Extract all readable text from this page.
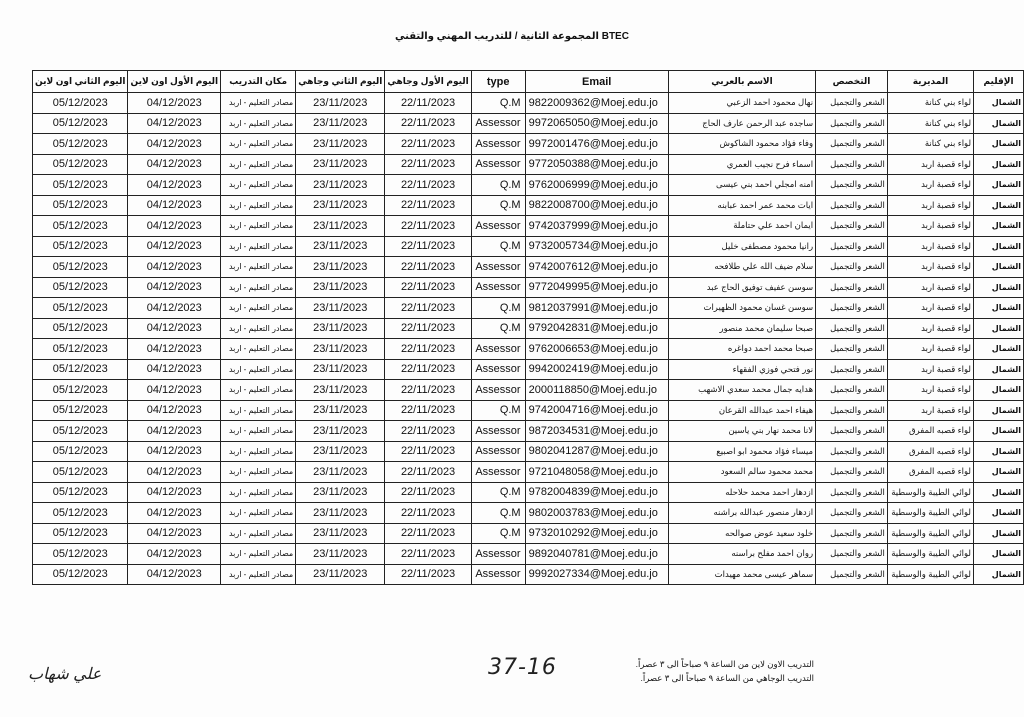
المجموعة الثانية / للتدريب المهني والتقني BTEC
الإقليم	المديرية	التخصص	الاسم بالعربي	Email	type	اليوم الأول وجاهي	اليوم الثاني وجاهي	مكان التدريب	اليوم الأول اون لاين	اليوم الثاني اون لاين
الشمال	لواء بني كنانة	الشعر والتجميل	نهال محمود احمد الزعبي	9822009362@Moej.edu.jo	Q.M	22/11/2023	23/11/2023	مصادر التعليم - اربد	04/12/2023	05/12/2023
الشمال	لواء بني كنانة	الشعر والتجميل	ساجده عبد الرحمن عارف الحاج	9972065050@Moej.edu.jo	Assessor	22/11/2023	23/11/2023	مصادر التعليم - اربد	04/12/2023	05/12/2023
الشمال	لواء بني كنانة	الشعر والتجميل	وفاء فؤاد محمود الشاكوش	9972001476@Moej.edu.jo	Assessor	22/11/2023	23/11/2023	مصادر التعليم - اربد	04/12/2023	05/12/2023
الشمال	لواء قصبة اربد	الشعر والتجميل	اسماء فرح نجيب العمري	9772050388@Moej.edu.jo	Assessor	22/11/2023	23/11/2023	مصادر التعليم - اربد	04/12/2023	05/12/2023
الشمال	لواء قصبة اربد	الشعر والتجميل	امنه امجلي احمد بني عيسى	9762006999@Moej.edu.jo	Q.M	22/11/2023	23/11/2023	مصادر التعليم - اربد	04/12/2023	05/12/2023
الشمال	لواء قصبة اربد	الشعر والتجميل	ايات محمد عمر احمد عبابنه	9822008700@Moej.edu.jo	Q.M	22/11/2023	23/11/2023	مصادر التعليم - اربد	04/12/2023	05/12/2023
الشمال	لواء قصبة اربد	الشعر والتجميل	ايمان احمد علي حتاملة	9742037999@Moej.edu.jo	Assessor	22/11/2023	23/11/2023	مصادر التعليم - اربد	04/12/2023	05/12/2023
الشمال	لواء قصبة اربد	الشعر والتجميل	رانيا محمود مصطفى خليل	9732005734@Moej.edu.jo	Q.M	22/11/2023	23/11/2023	مصادر التعليم - اربد	04/12/2023	05/12/2023
الشمال	لواء قصبة اربد	الشعر والتجميل	سلام ضيف الله علي طلافحه	9742007612@Moej.edu.jo	Assessor	22/11/2023	23/11/2023	مصادر التعليم - اربد	04/12/2023	05/12/2023
الشمال	لواء قصبة اربد	الشعر والتجميل	سوسن عفيف توفيق الحاج عبد	9772049995@Moej.edu.jo	Assessor	22/11/2023	23/11/2023	مصادر التعليم - اربد	04/12/2023	05/12/2023
الشمال	لواء قصبة اربد	الشعر والتجميل	سوسن غسان محمود الظهيرات	9812037991@Moej.edu.jo	Q.M	22/11/2023	23/11/2023	مصادر التعليم - اربد	04/12/2023	05/12/2023
الشمال	لواء قصبة اربد	الشعر والتجميل	صبحا سليمان محمد منصور	9792042831@Moej.edu.jo	Q.M	22/11/2023	23/11/2023	مصادر التعليم - اربد	04/12/2023	05/12/2023
الشمال	لواء قصبة اربد	الشعر والتجميل	صبحا محمد احمد دواغره	9762006653@Moej.edu.jo	Assessor	22/11/2023	23/11/2023	مصادر التعليم - اربد	04/12/2023	05/12/2023
الشمال	لواء قصبة اربد	الشعر والتجميل	نور فتحي فوزي الفقهاء	9942002419@Moej.edu.jo	Assessor	22/11/2023	23/11/2023	مصادر التعليم - اربد	04/12/2023	05/12/2023
الشمال	لواء قصبة اربد	الشعر والتجميل	هدايه جمال محمد سعدي الاشهب	2000118850@Moej.edu.jo	Assessor	22/11/2023	23/11/2023	مصادر التعليم - اربد	04/12/2023	05/12/2023
الشمال	لواء قصبة اربد	الشعر والتجميل	هيفاء احمد عبدالله القرعان	9742004716@Moej.edu.jo	Q.M	22/11/2023	23/11/2023	مصادر التعليم - اربد	04/12/2023	05/12/2023
الشمال	لواء قصبه المفرق	الشعر والتجميل	لانا محمد نهار بني ياسين	9872034531@Moej.edu.jo	Assessor	22/11/2023	23/11/2023	مصادر التعليم - اربد	04/12/2023	05/12/2023
الشمال	لواء قصبه المفرق	الشعر والتجميل	ميساء فؤاد محمود ابو اصبيع	9802041287@Moej.edu.jo	Assessor	22/11/2023	23/11/2023	مصادر التعليم - اربد	04/12/2023	05/12/2023
الشمال	لواء قصبه المفرق	الشعر والتجميل	محمد محمود سالم السعود	9721048058@Moej.edu.jo	Assessor	22/11/2023	23/11/2023	مصادر التعليم - اربد	04/12/2023	05/12/2023
الشمال	لوائي الطيبة والوسطية	الشعر والتجميل	ازدهار احمد محمد حلاحله	9782004839@Moej.edu.jo	Q.M	22/11/2023	23/11/2023	مصادر التعليم - اربد	04/12/2023	05/12/2023
الشمال	لوائي الطيبة والوسطية	الشعر والتجميل	ازدهار منصور عبدالله براشنه	9802003783@Moej.edu.jo	Q.M	22/11/2023	23/11/2023	مصادر التعليم - اربد	04/12/2023	05/12/2023
الشمال	لوائي الطيبة والوسطية	الشعر والتجميل	خلود سعيد عوض صوالحه	9732010292@Moej.edu.jo	Q.M	22/11/2023	23/11/2023	مصادر التعليم - اربد	04/12/2023	05/12/2023
الشمال	لوائي الطيبة والوسطية	الشعر والتجميل	روان احمد مفلح براسنه	9892040781@Moej.edu.jo	Assessor	22/11/2023	23/11/2023	مصادر التعليم - اربد	04/12/2023	05/12/2023
الشمال	لوائي الطيبة والوسطية	الشعر والتجميل	سماهر عيسى محمد مهيدات	9992027334@Moej.edu.jo	Assessor	22/11/2023	23/11/2023	مصادر التعليم - اربد	04/12/2023	05/12/2023
التدريب الاون لاين من الساعة ٩ صباحاً الى ٣ عصراً.
التدريب الوجاهي من الساعة ٩ صباحاً الى ٣ عصراً.
37-16
علي شهاب
